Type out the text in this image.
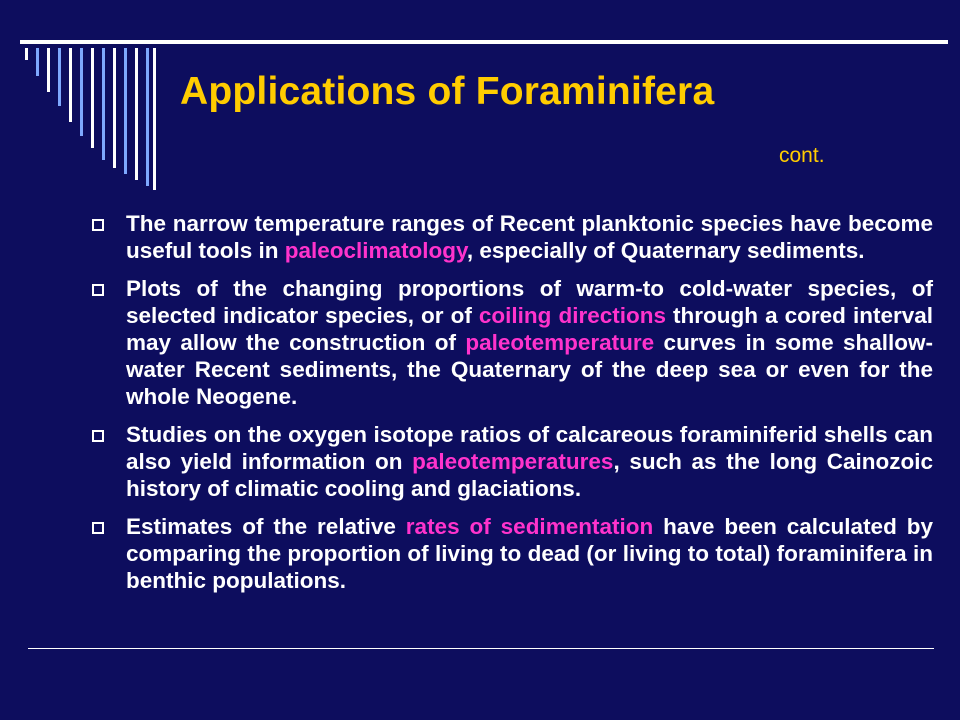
Applications of Foraminifera
cont.
The narrow temperature ranges of Recent planktonic species have become useful tools in paleoclimatology, especially of Quaternary sediments.
Plots of the changing proportions of warm-to cold-water species, of selected indicator species, or of coiling directions through a cored interval may allow the construction of paleotemperature curves in some shallow-water Recent sediments, the Quaternary of the deep sea or even for the whole Neogene.
Studies on the oxygen isotope ratios of calcareous foraminiferid shells can also yield information on paleotemperatures, such as the long Cainozoic history of climatic cooling and glaciations.
Estimates of the relative rates of sedimentation have been calculated by comparing the proportion of living to dead (or living to total) foraminifera in benthic populations.
